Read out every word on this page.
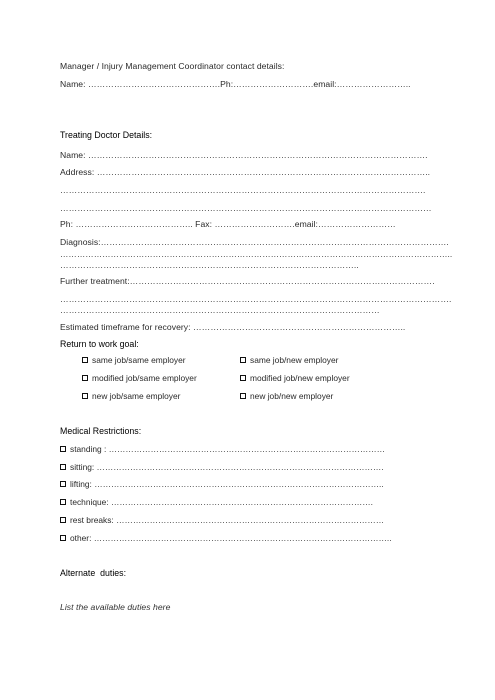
Manager / Injury Management Coordinator contact details:
Name: ……………………………………….Ph:……………………….email:……………………..
Treating Doctor Details:
Name: ……………………………………………………………………………………………………….
Address: ……………………………………………………………………………………………………..
……………………………………………………………………………………………………………….
…………………………………………………………………………………………………………………
Ph: ………………………………….. Fax: ……………………….email:………………………
Diagnosis:………………………………………………………………………………………………………….
…………………………………………………………………………………………………………………………..
…………………………………………………………………………………………..
Further treatment:…………………………………………………………………………………………….
……………………………………………………………………………………………………………………….
…………………………………………………………………………………………………
Estimated timeframe for recovery: ………………………………………………………………..
Return to work goal:
same job/same employer	same job/new employer
modified job/same employer	modified job/new employer
new job/same employer	new job/new employer
Medical Restrictions:
standing : ………………………………………………………………………………………
sitting: ………………………………………………………………………………………….
lifting: …………………………………………………………………………………………..
technique: ………………………………………………………………………………….
rest breaks: ……………………………………………………………………………………
other: ……………………………………………………………………………………………..
Alternate  duties:
List the available duties here
